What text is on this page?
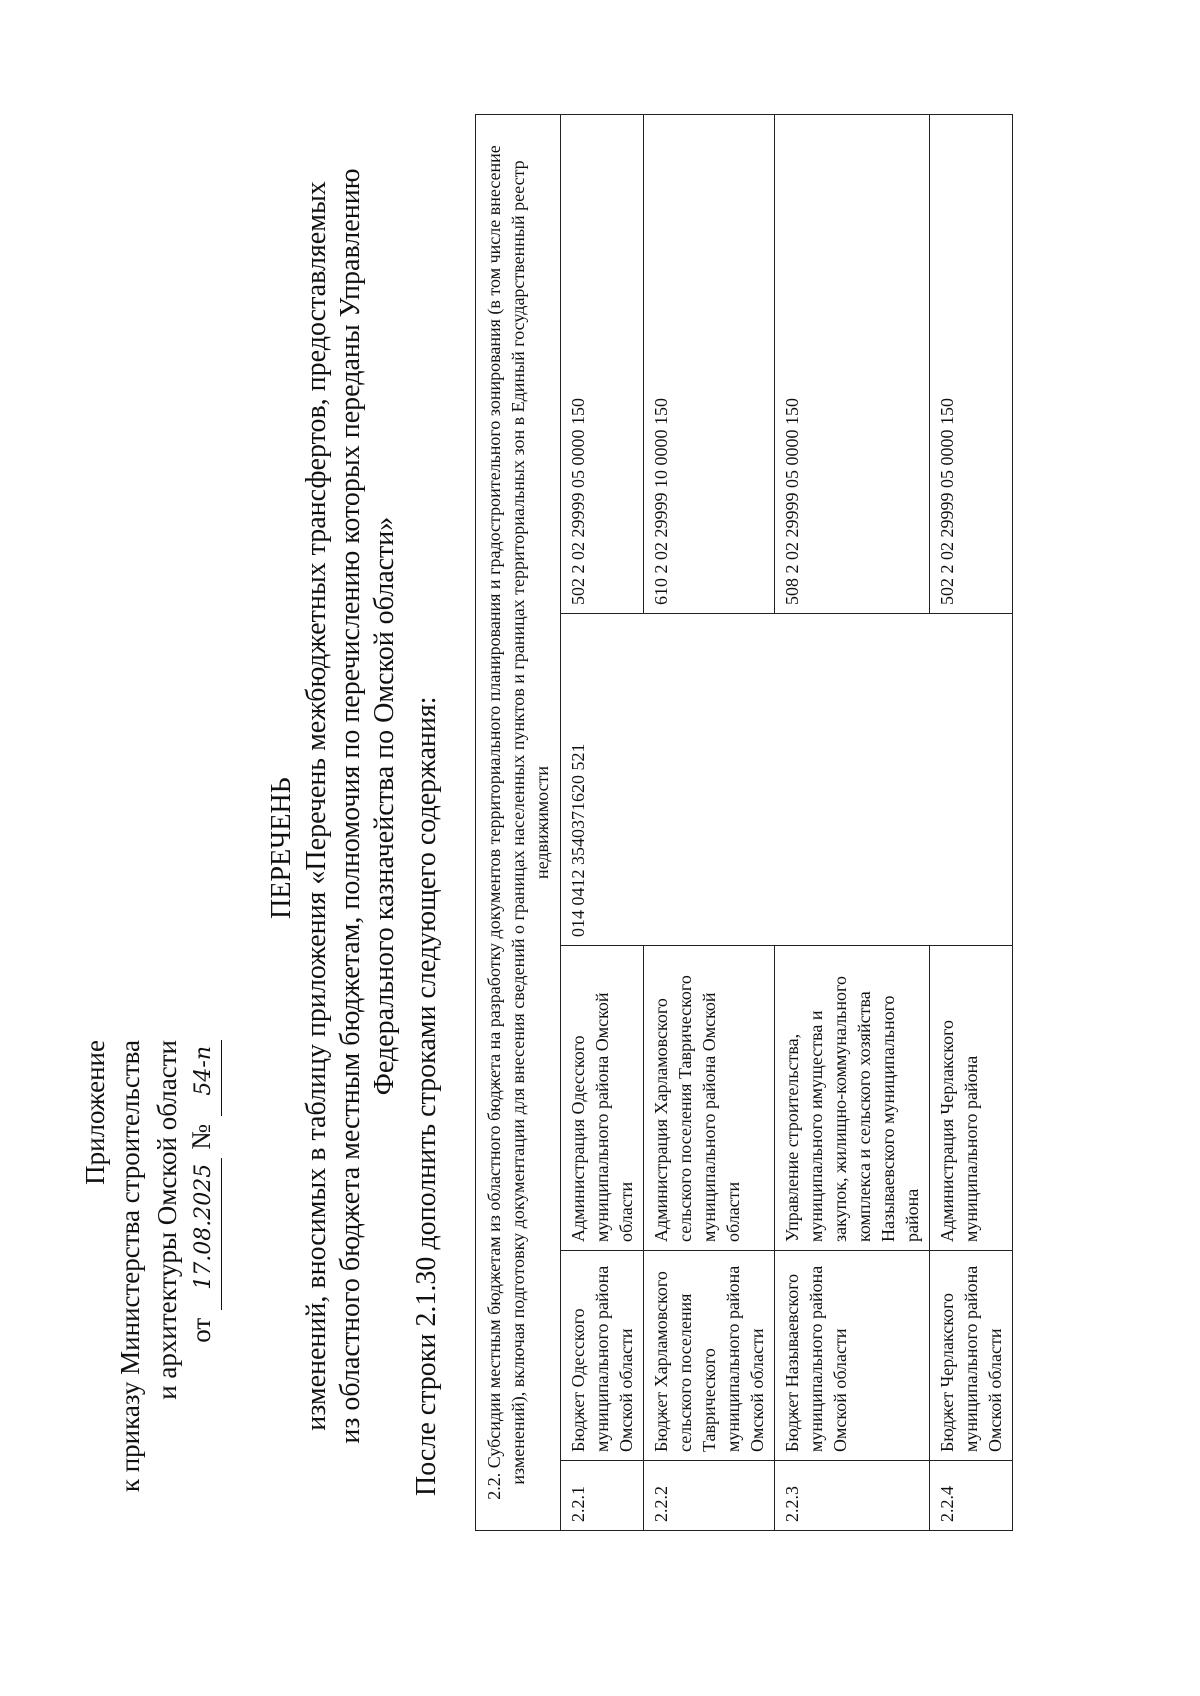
Приложение к приказу Министерства строительства и архитектуры Омской области от
17.08.2025
№
54-п
ПЕРЕЧЕНЬ изменений, вносимых в таблицу приложения «Перечень межбюджетных трансфертов, предоставляемых из областного бюджета местным бюджетам, полномочия по перечислению которых переданы Управлению Федерального казначейства по Омской области» После строки 2.1.30 дополнить строками следующего содержания: 2.2. Субсидии местным бюджетам из областного бюджета на разработку документов территориального планирования и градостроительного зонирования (в том числе внесение изменений), включая подготовку документации для внесения сведений о границах населенных пунктов и границах территориальных зон в Единый государственный реестр недвижимости				
2.2.1	Бюджет Одесского муниципального района Омской области	Администрация Одесского муниципального района Омской области	014 0412 3540371620 521	502 2 02 29999 05 0000 150
2.2.2	Бюджет Харламовского сельского поселения Таврического муниципального района Омской области	Администрация Харламовского сельского поселения Таврического муниципального района Омской области		610 2 02 29999 10 0000 150
2.2.3	Бюджет Называевского муниципального района Омской области	Управление строительства, муниципального имущества и закупок, жилищно-коммунального комплекса и сельского хозяйства Называевского муниципального района		508 2 02 29999 05 0000 150
2.2.4	Бюджет Черлакского муниципального района Омской области	Администрация Черлакского муниципального района		502 2 02 29999 05 0000 150
